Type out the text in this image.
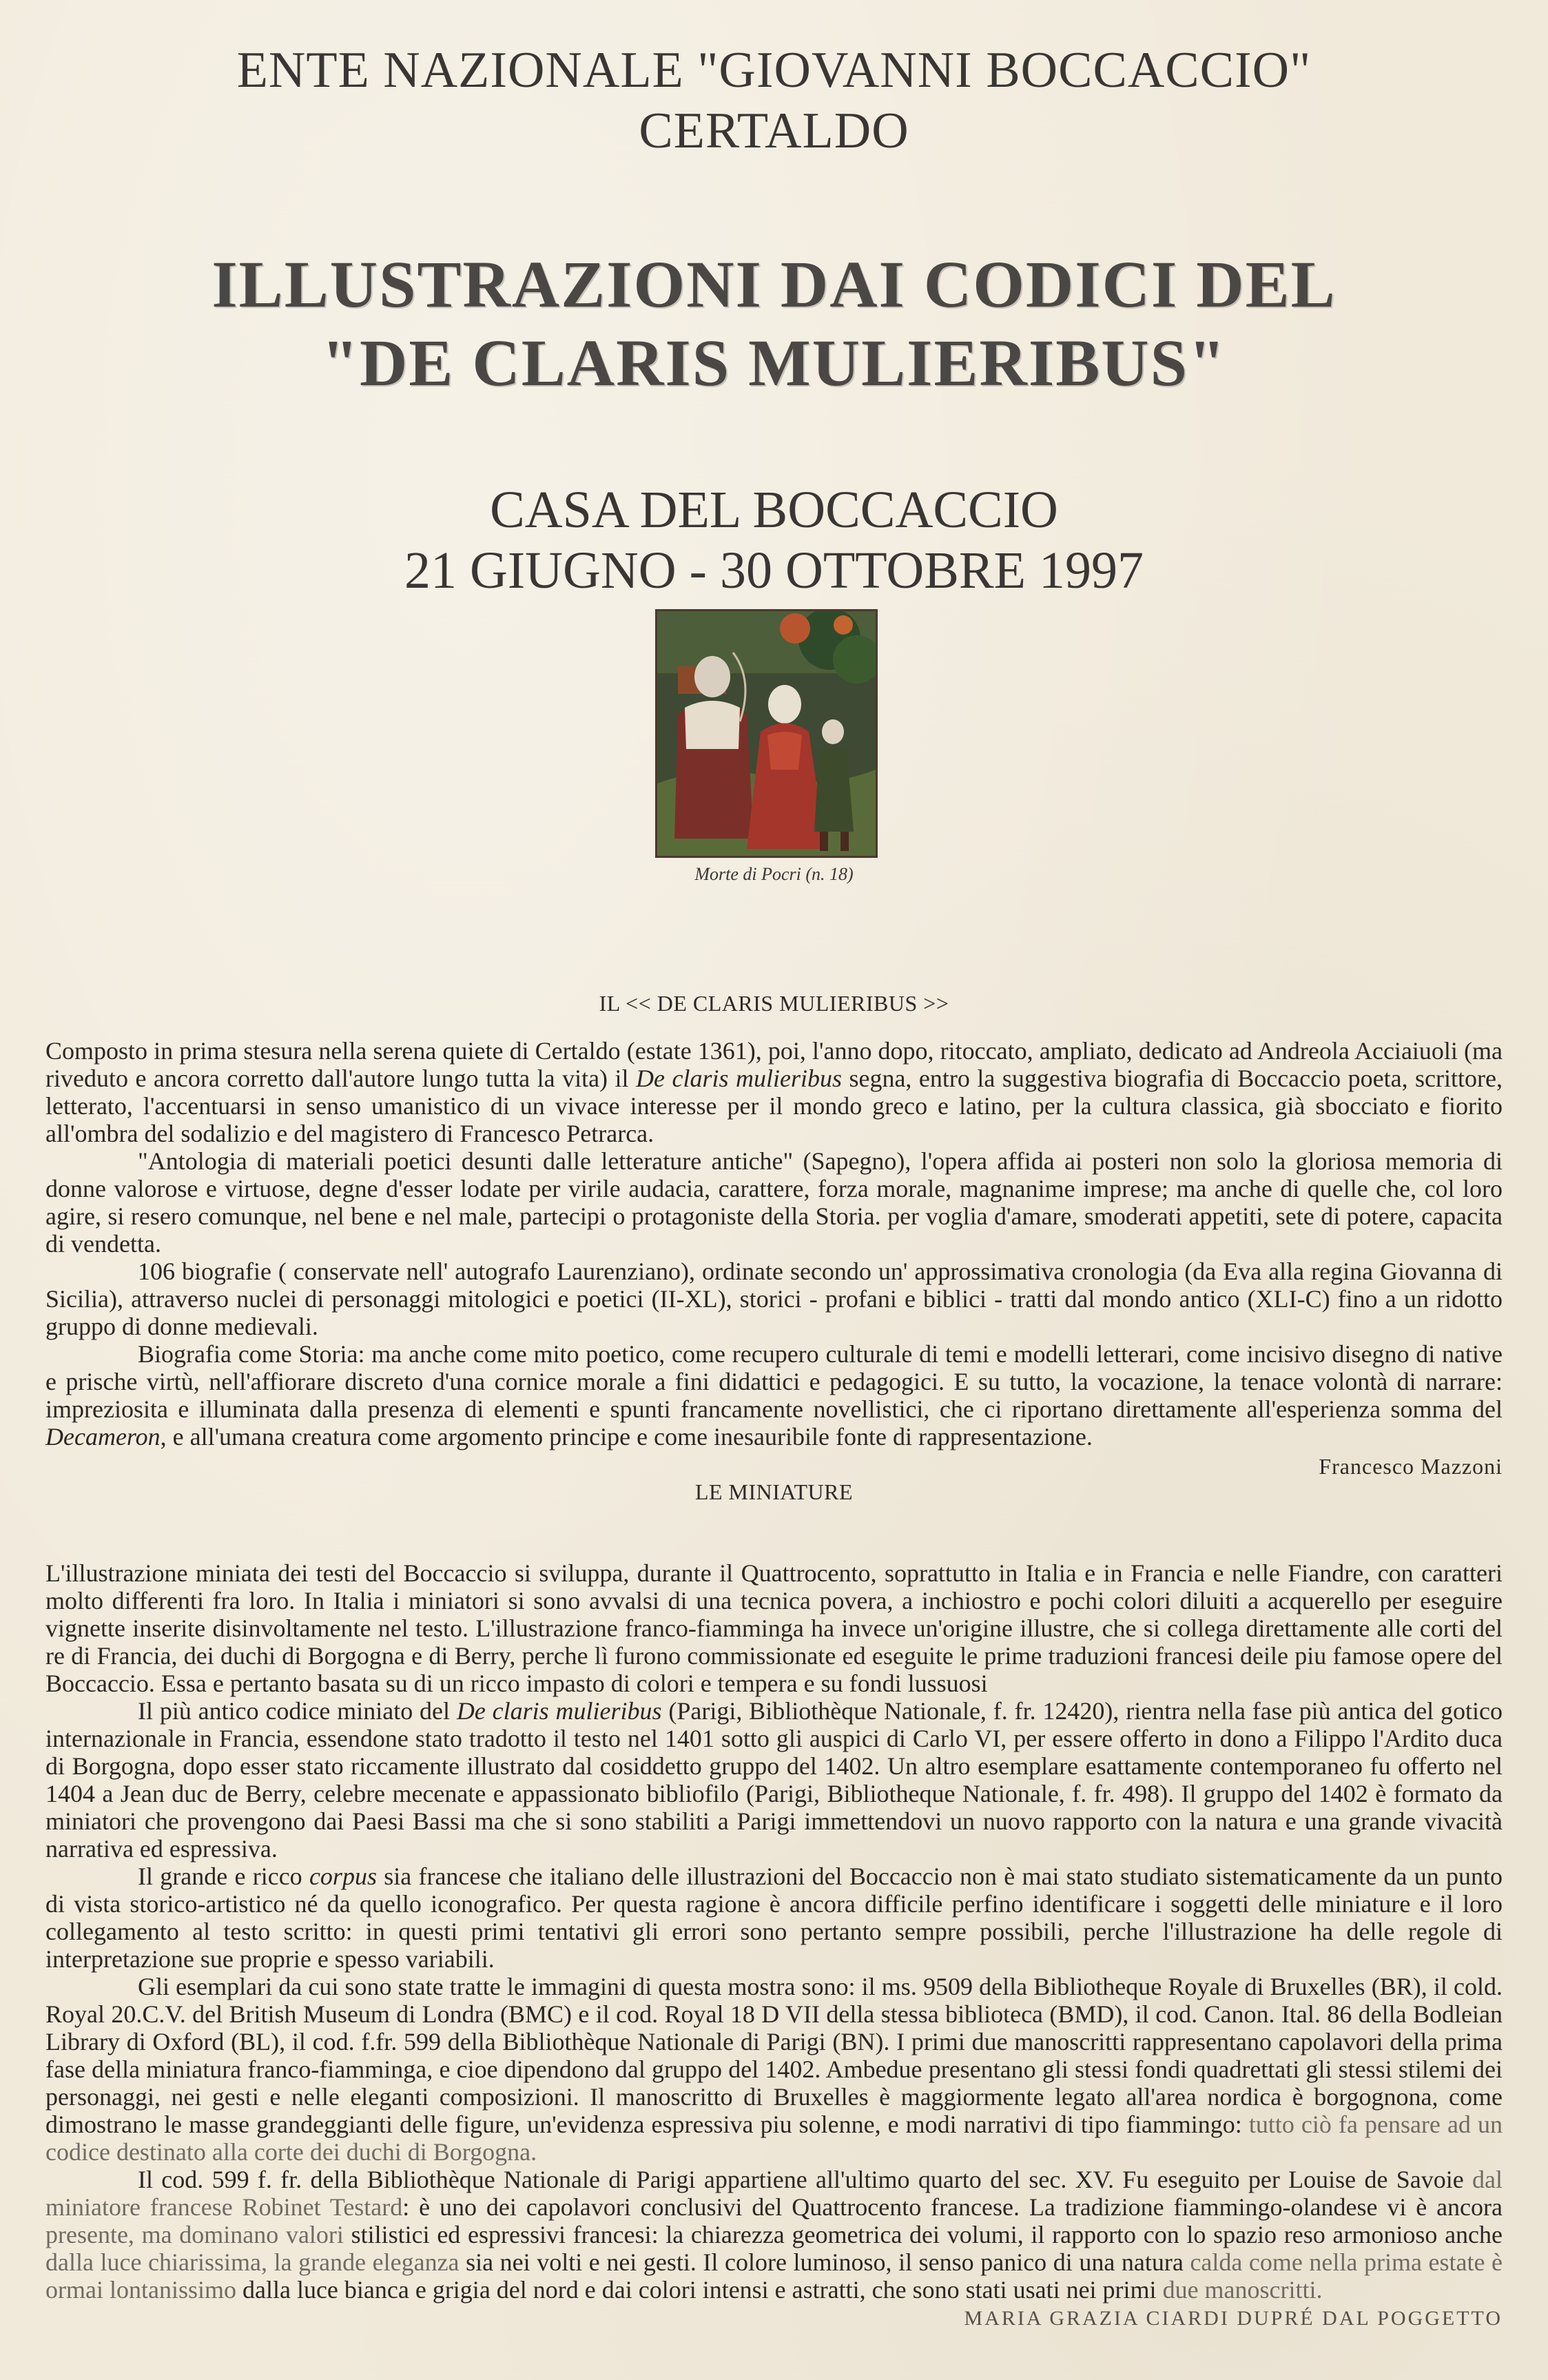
ENTE NAZIONALE "GIOVANNI BOCCACCIO"
CERTALDO
ILLUSTRAZIONI DAI CODICI DEL
"DE CLARIS MULIERIBUS"
CASA DEL BOCCACCIO
21 GIUGNO - 30 OTTOBRE 1997
Morte di Pocri (n. 18)
IL << DE CLARIS MULIERIBUS >>

Composto in prima stesura nella serena quiete di Certaldo (estate 1361), poi, l'anno dopo, ritoccato, ampliato, dedicato ad Andreola Acciaiuoli (ma riveduto e ancora corretto dall'autore lungo tutta la vita) il De claris mulieribus segna, entro la suggestiva biografia di Boccaccio poeta, scrittore, letterato, l'accentuarsi in senso umanistico di un vivace interesse per il mondo greco e latino, per la cultura classica, già sbocciato e fiorito all'ombra del sodalizio e del magistero di Francesco Petrarca.

"Antologia di materiali poetici desunti dalle letterature antiche" (Sapegno), l'opera affida ai posteri non solo la gloriosa memoria di donne valorose e virtuose, degne d'esser lodate per virile audacia, carattere, forza morale, magnanime imprese; ma anche di quelle che, col loro agire, si resero comunque, nel bene e nel male, partecipi o protagoniste della Storia. per voglia d'amare, smoderati appetiti, sete di potere, capacita di vendetta.

106 biografie ( conservate nell' autografo Laurenziano), ordinate secondo un' approssimativa cronologia (da Eva alla regina Giovanna di Sicilia), attraverso nuclei di personaggi mitologici e poetici (II-XL), storici - profani e biblici - tratti dal mondo antico (XLI-C) fino a un ridotto gruppo di donne medievali.

Biografia come Storia: ma anche come mito poetico, come recupero culturale di temi e modelli letterari, come incisivo disegno di native e prische virtù, nell'affiorare discreto d'una cornice morale a fini didattici e pedagogici. E su tutto, la vocazione, la tenace volontà di narrare: impreziosita e illuminata dalla presenza di elementi e spunti francamente novellistici, che ci riportano direttamente all'esperienza somma del Decameron, e all'umana creatura come argomento principe e come inesauribile fonte di rappresentazione.

Francesco Mazzoni
LE MINIATURE

L'illustrazione miniata dei testi del Boccaccio si sviluppa, durante il Quattrocento, soprattutto in Italia e in Francia e nelle Fiandre, con caratteri molto differenti fra loro. In Italia i miniatori si sono avvalsi di una tecnica povera, a inchiostro e pochi colori diluiti a acquerello per eseguire vignette inserite disinvoltamente nel testo. L'illustrazione franco-fiamminga ha invece un'origine illustre, che si collega direttamente alle corti del re di Francia, dei duchi di Borgogna e di Berry, perche lì furono commissionate ed eseguite le prime traduzioni francesi deile piu famose opere del Boccaccio. Essa e pertanto basata su di un ricco impasto di colori e tempera e su fondi lussuosi

Il più antico codice miniato del De claris mulieribus (Parigi, Bibliothèque Nationale, f. fr. 12420), rientra nella fase più antica del gotico internazionale in Francia, essendone stato tradotto il testo nel 1401 sotto gli auspici di Carlo VI, per essere offerto in dono a Filippo l'Ardito duca di Borgogna, dopo esser stato riccamente illustrato dal cosiddetto gruppo del 1402. Un altro esemplare esattamente contemporaneo fu offerto nel 1404 a Jean duc de Berry, celebre mecenate e appassionato bibliofilo (Parigi, Bibliotheque Nationale, f. fr. 498). Il gruppo del 1402 è formato da miniatori che provengono dai Paesi Bassi ma che si sono stabiliti a Parigi immettendovi un nuovo rapporto con la natura e una grande vivacità narrativa ed espressiva.

Il grande e ricco corpus sia francese che italiano delle illustrazioni del Boccaccio non è mai stato studiato sistematicamente da un punto di vista storico-artistico né da quello iconografico. Per questa ragione è ancora difficile perfino identificare i soggetti delle miniature e il loro collegamento al testo scritto: in questi primi tentativi gli errori sono pertanto sempre possibili, perche l'illustrazione ha delle regole di interpretazione sue proprie e spesso variabili.

Gli esemplari da cui sono state tratte le immagini di questa mostra sono: il ms. 9509 della Bibliotheque Royale di Bruxelles (BR), il cold. Royal 20.C.V. del British Museum di Londra (BMC) e il cod. Royal 18 D VII della stessa biblioteca (BMD), il cod. Canon. Ital. 86 della Bodleian Library di Oxford (BL), il cod. f.fr. 599 della Bibliothèque Nationale di Parigi (BN). I primi due manoscritti rappresentano capolavori della prima fase della miniatura franco-fiamminga, e cioe dipendono dal gruppo del 1402. Ambedue presentano gli stessi fondi quadrettati gli stessi stilemi dei personaggi, nei gesti e nelle eleganti composizioni. Il manoscritto di Bruxelles è maggiormente legato all'area nordica è borgognona, come dimostrano le masse grandeggianti delle figure, un'evidenza espressiva piu solenne, e modi narrativi di tipo fiammingo: tutto ciò fa pensare ad un codice destinato alla corte dei duchi di Borgogna.

Il cod. 599 f. fr. della Bibliothèque Nationale di Parigi appartiene all'ultimo quarto del sec. XV. Fu eseguito per Louise de Savoie dal miniatore francese Robinet Testard: è uno dei capolavori conclusivi del Quattrocento francese. La tradizione fiammingo-olandese vi è ancora presente, ma dominano valori stilistici ed espressivi francesi: la chiarezza geometrica dei volumi, il rapporto con lo spazio reso armonioso anche dalla luce chiarissima, la grande eleganza sia nei volti e nei gesti. Il colore luminoso, il senso panico di una natura calda come nella prima estate è ormai lontanissimo dalla luce bianca e grigia del nord e dai colori intensi e astratti, che sono stati usati nei primi due manoscritti.

MARIA GRAZIA CIARDI DUPRÉ DAL POGGETTO
